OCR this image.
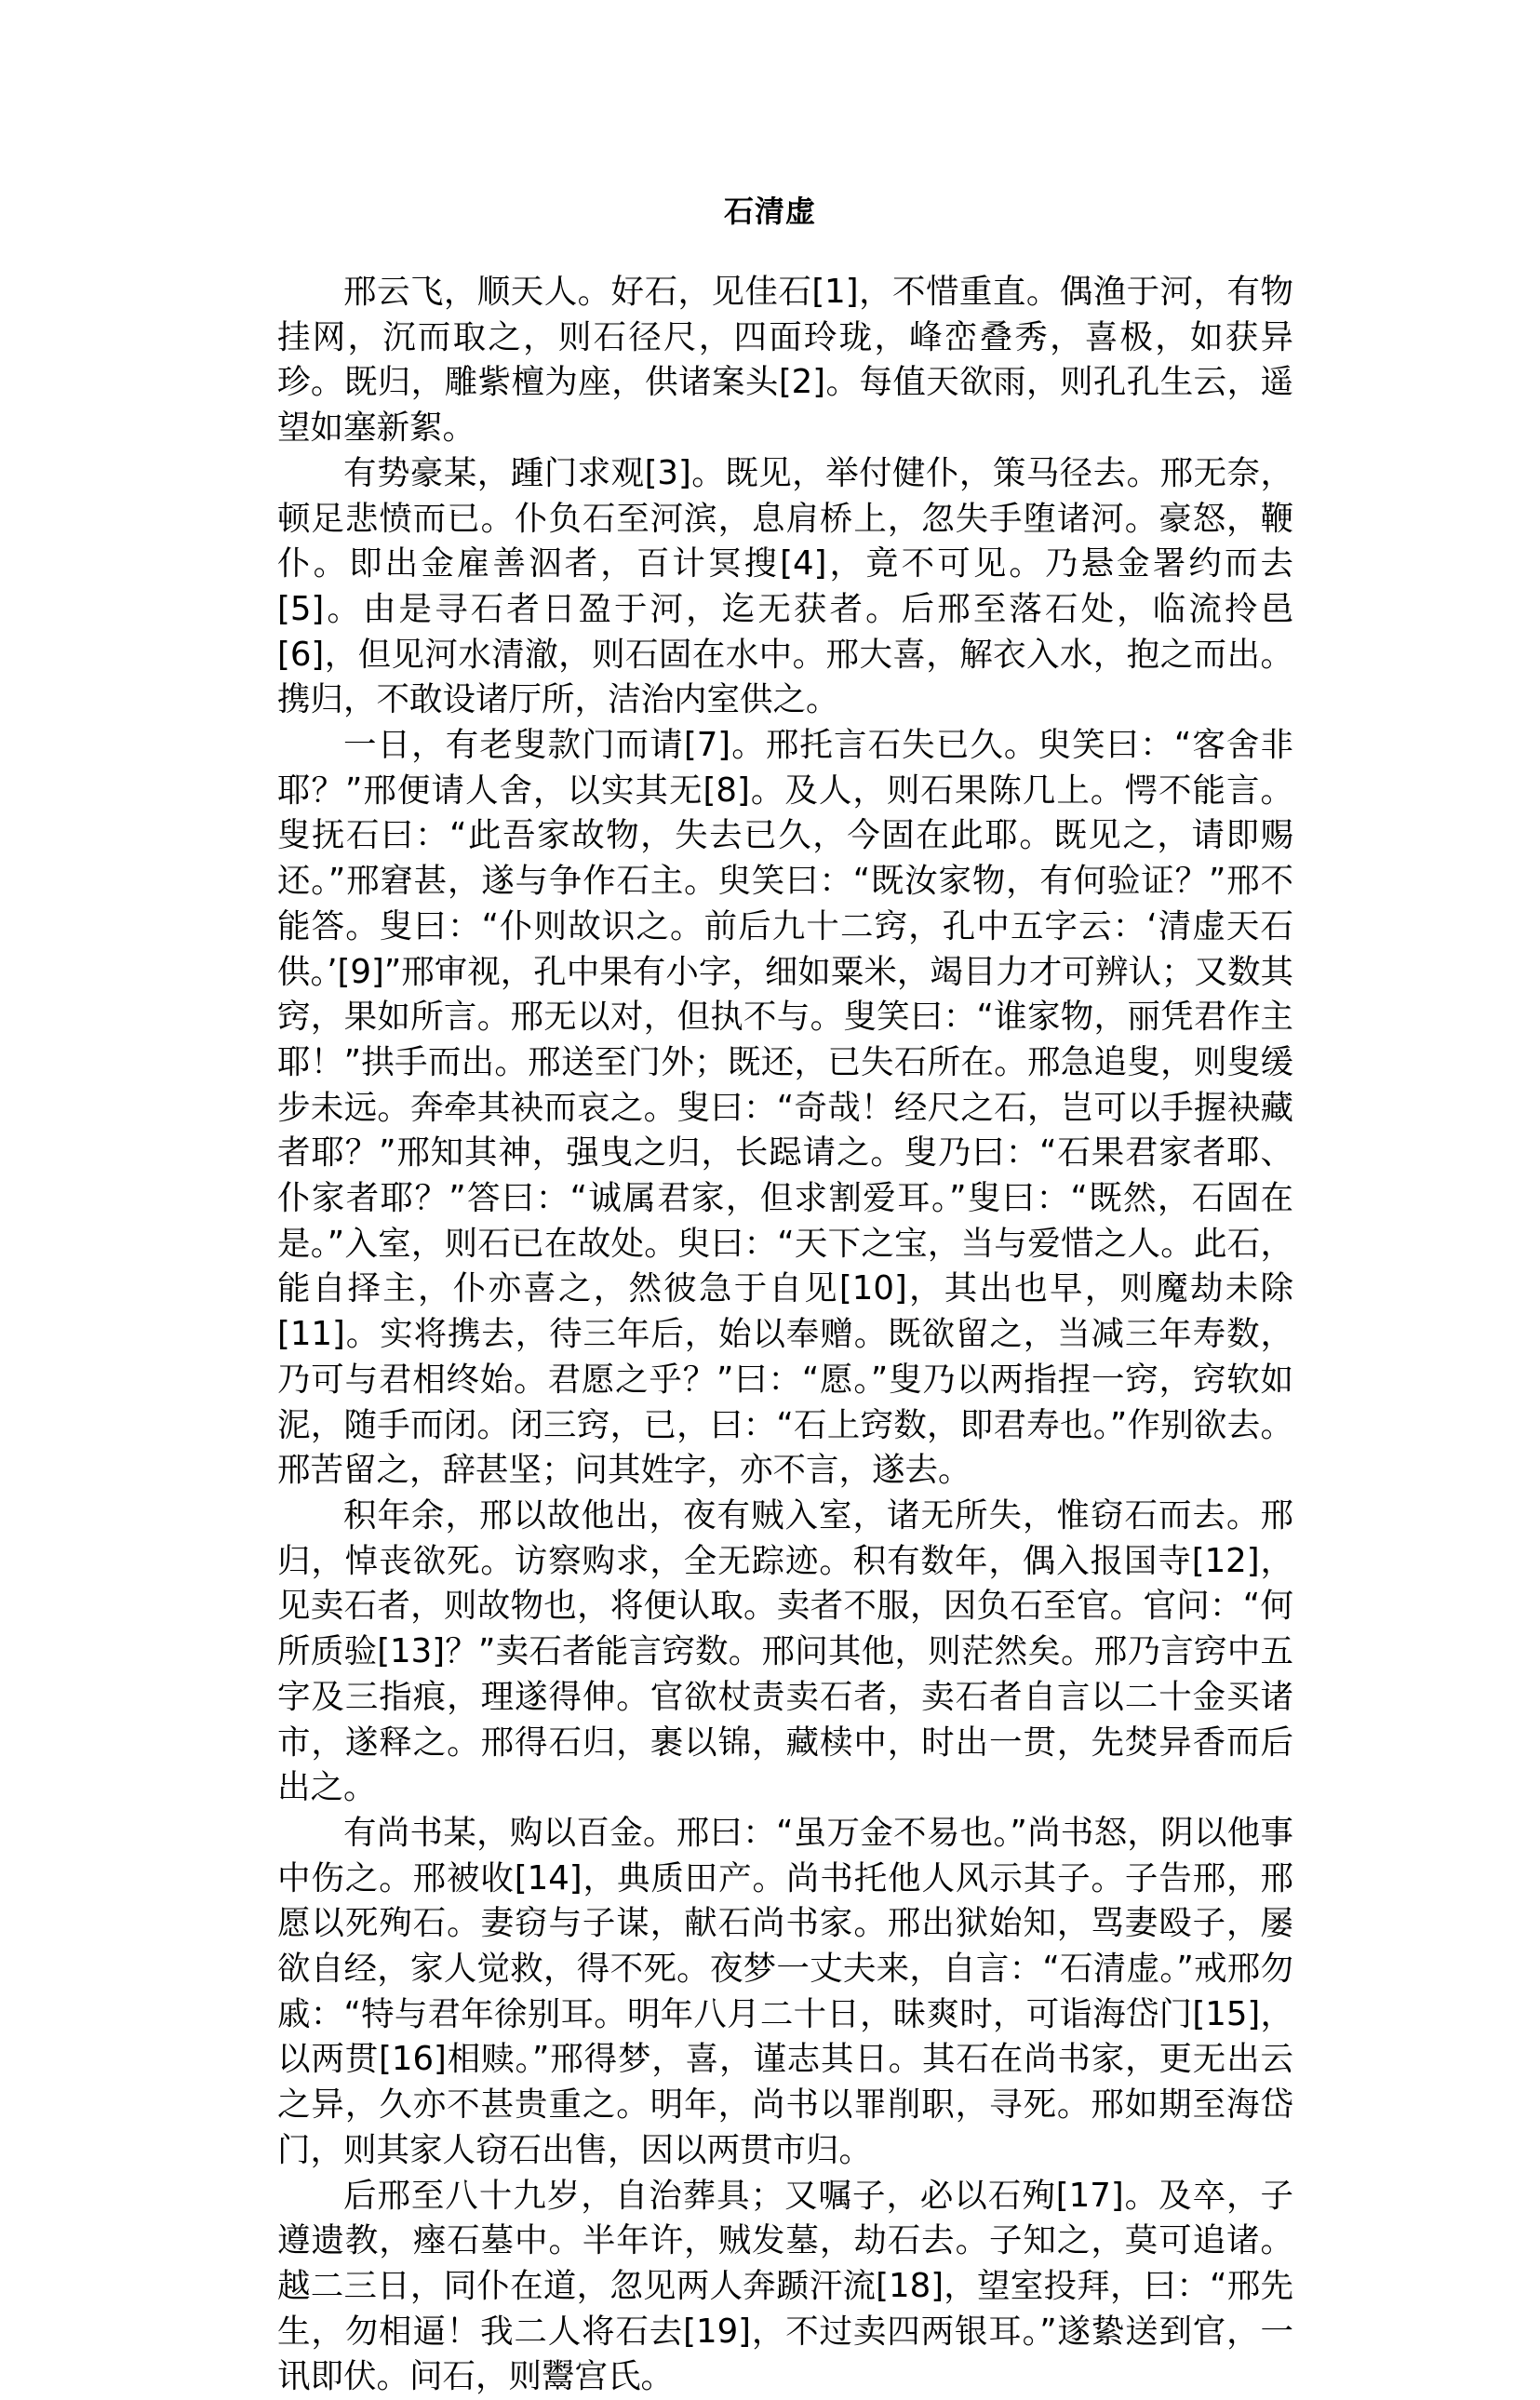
石清虚

邢云飞，顺天人。好石，见佳石[1]，不惜重直。偶渔于河，有物挂网，沉而取之，则石径尺，四面玲珑，峰峦叠秀，喜极，如获异珍。既归，雕紫檀为座，供诸案头[2]。每值天欲雨，则孔孔生云，遥望如塞新絮。

有势豪某，踵门求观[3]。既见，举付健仆，策马径去。邢无奈，顿足悲愤而已。仆负石至河滨，息肩桥上，忽失手堕诸河。豪怒，鞭仆。即出金雇善泅者，百计冥搜[4]，竟不可见。乃悬金署约而去[5]。由是寻石者日盈于河，迄无获者。后邢至落石处，临流拎邑[6]，但见河水清澈，则石固在水中。邢大喜，解衣入水，抱之而出。携归，不敢设诸厅所，洁治内室供之。

一日，有老叟款门而请[7]。邢托言石失已久。臾笑曰：“客舍非耶？”邢便请人舍，以实其无[8]。及人，则石果陈几上。愕不能言。叟抚石曰：“此吾家故物，失去已久，今固在此耶。既见之，请即赐还。”邢窘甚，遂与争作石主。臾笑曰：“既汝家物，有何验证？”邢不能答。叟曰：“仆则故识之。前后九十二窍，孔中五字云：‘清虚天石供。’[9]”邢审视，孔中果有小字，细如粟米，竭目力才可辨认；又数其窍，果如所言。邢无以对，但执不与。叟笑曰：“谁家物，丽凭君作主耶！”拱手而出。邢送至门外；既还，已失石所在。邢急追叟，则叟缓步未远。奔牵其袂而哀之。叟曰：“奇哉！经尺之石，岂可以手握袂藏者耶？”邢知其神，强曳之归，长跽请之。叟乃曰：“石果君家者耶、仆家者耶？”答曰：“诚属君家，但求割爱耳。”叟曰：“既然，石固在是。”入室，则石已在故处。臾曰：“天下之宝，当与爱惜之人。此石，能自择主，仆亦喜之，然彼急于自见[10]，其出也早，则魔劫未除[11]。实将携去，待三年后，始以奉赠。既欲留之，当减三年寿数，乃可与君相终始。君愿之乎？”曰：“愿。”叟乃以两指捏一窍，窍软如泥，随手而闭。闭三窍，已，曰：“石上窍数，即君寿也。”作别欲去。邢苦留之，辞甚坚；问其姓字，亦不言，遂去。

积年余，邢以故他出，夜有贼入室，诸无所失，惟窃石而去。邢归，悼丧欲死。访察购求，全无踪迹。积有数年，偶入报国寺[12]，见卖石者，则故物也，将便认取。卖者不服，因负石至官。官问：“何所质验[13]？”卖石者能言窍数。邢问其他，则茫然矣。邢乃言窍中五字及三指痕，理遂得伸。官欲杖责卖石者，卖石者自言以二十金买诸市，遂释之。邢得石归，裹以锦，藏椟中，时出一贯，先焚异香而后出之。

有尚书某，购以百金。邢曰：“虽万金不易也。”尚书怒，阴以他事中伤之。邢被收[14]，典质田产。尚书托他人风示其子。子告邢，邢愿以死殉石。妻窃与子谋，献石尚书家。邢出狱始知，骂妻殴子，屡欲自经，家人觉救，得不死。夜梦一丈夫来，自言：“石清虚。”戒邢勿戚：“特与君年徐别耳。明年八月二十日，昧爽时，可诣海岱门[15]，以两贯[16]相赎。”邢得梦，喜，谨志其日。其石在尚书家，更无出云之异，久亦不甚贵重之。明年，尚书以罪削职，寻死。邢如期至海岱门，则其家人窃石出售，因以两贯市归。

后邢至八十九岁，自治葬具；又嘱子，必以石殉[17]。及卒，子遵遗教，瘞石墓中。半年许，贼发墓，劫石去。子知之，莫可追诸。越二三日，同仆在道，忽见两人奔踬汗流[18]，望室投拜，曰：“邢先生，勿相逼！我二人将石去[19]，不过卖四两银耳。”遂絷送到官，一讯即伏。问石，则鬻宫氏。
